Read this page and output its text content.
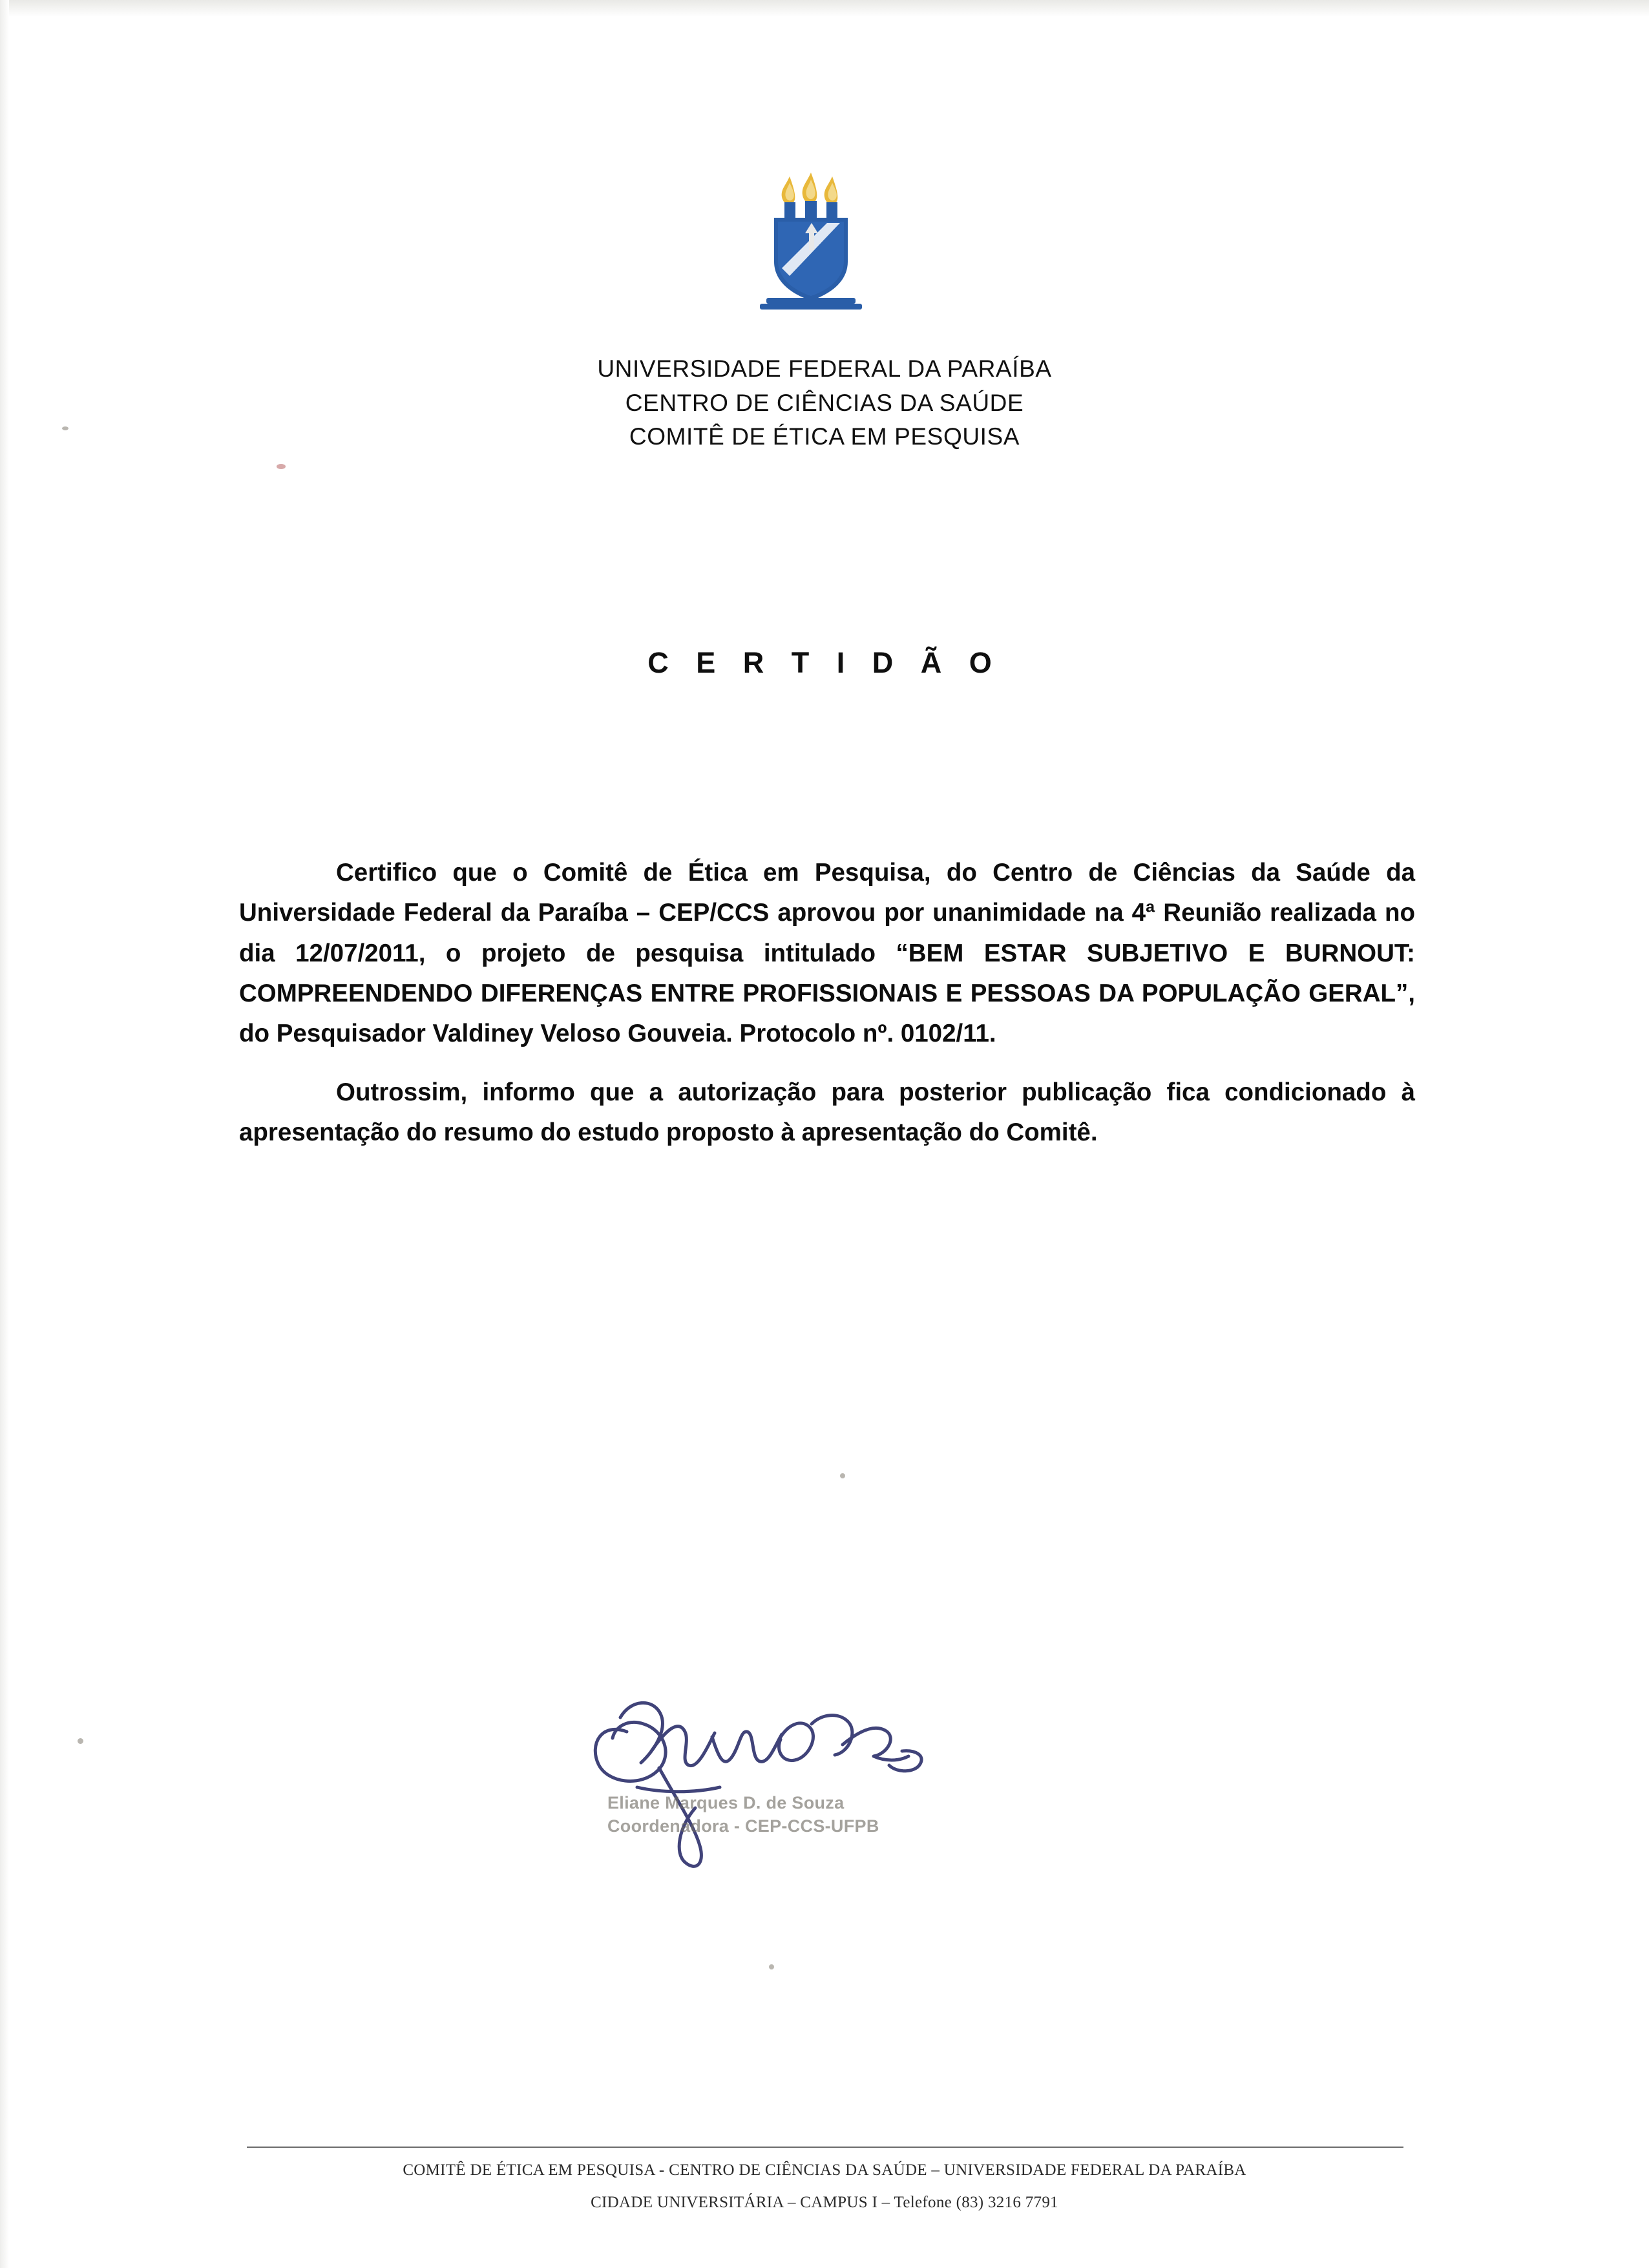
UNIVERSIDADE FEDERAL DA PARAÍBA
CENTRO DE CIÊNCIAS DA SAÚDE
COMITÊ DE ÉTICA EM PESQUISA
C E R T I D Ã O

Certifico que o Comitê de Ética em Pesquisa, do Centro de Ciências da Saúde da Universidade Federal da Paraíba – CEP/CCS aprovou por unanimidade na 4ª Reunião realizada no dia 12/07/2011, o projeto de pesquisa intitulado “BEM ESTAR SUBJETIVO E BURNOUT: COMPREENDENDO DIFERENÇAS ENTRE PROFISSIONAIS E PESSOAS DA POPULAÇÃO GERAL”, do Pesquisador Valdiney Veloso Gouveia. Protocolo nº. 0102/11.

Outrossim, informo que a autorização para posterior publicação fica condicionado à apresentação do resumo do estudo proposto à apresentação do Comitê.

Eliane Marques D. de Souza
Coordenadora - CEP-CCS-UFPB
COMITÊ DE ÉTICA EM PESQUISA - CENTRO DE CIÊNCIAS DA SAÚDE – UNIVERSIDADE FEDERAL DA PARAÍBA
CIDADE UNIVERSITÁRIA – CAMPUS I – Telefone (83) 3216 7791
